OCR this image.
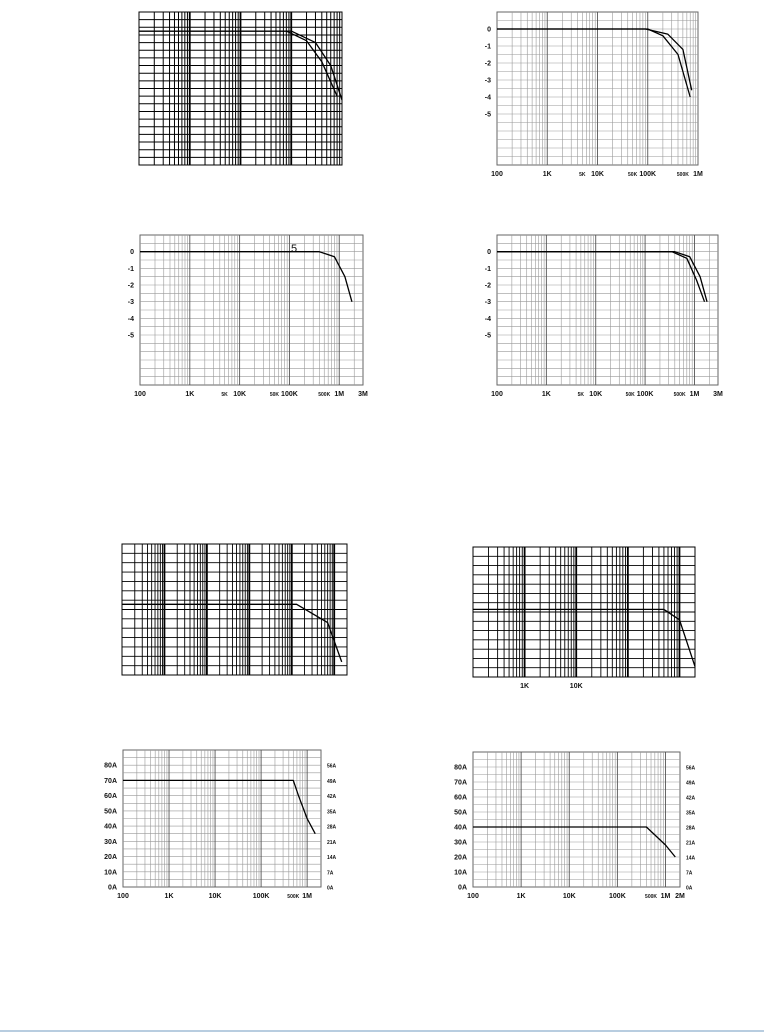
0
-1
-2
-3
-4
-5
100	1K	5K 10K	50K 100K	500K 1M
0
-1
-2
-3
-4
-5
100	1K	5K 10K	50K 100K	500K 1M 3M
0
-1
-2
-3
-4
-5
100	1K	5K 10K	50K 100K	500K 1M 3M
1K	10K
0A
10A
20A
30A
40A
50A
60A
70A
80A
0A
7A
14A
21A
28A
35A
42A
49A
56A
100	1K	10K	100K	500K 1M
0A
10A
20A
30A
40A
50A
60A
70A
80A
0A
7A
14A
21A
28A
35A
42A
49A
56A
100	1K	10K	100K	500K 1M 2M
5
